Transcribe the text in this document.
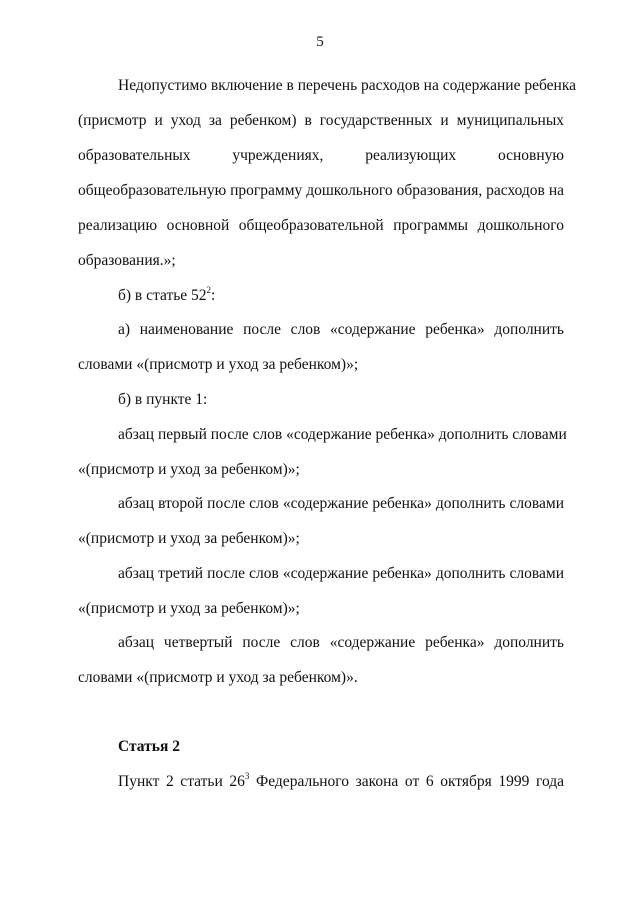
5
Недопустимо включение в перечень расходов на содержание ребенка
(присмотр и уход за ребенком) в государственных и муниципальных
образовательных учреждениях, реализующих основную
общеобразовательную программу дошкольного образования, расходов на
реализацию основной общеобразовательной программы дошкольного
образования.»;
б) в статье $52^2$:
а) наименование после слов «содержание ребенка» дополнить
словами «(присмотр и уход за ребенком)»;
б) в пункте 1:
абзац первый после слов «содержание ребенка» дополнить словами
«(присмотр и уход за ребенком)»;
абзац второй после слов «содержание ребенка» дополнить словами
«(присмотр и уход за ребенком)»;
абзац третий после слов «содержание ребенка» дополнить словами
«(присмотр и уход за ребенком)»;
абзац четвертый после слов «содержание ребенка» дополнить
словами «(присмотр и уход за ребенком)».
Статья 2
Пункт 2 статьи $26^3$ Федерального закона от 6 октября 1999 года
